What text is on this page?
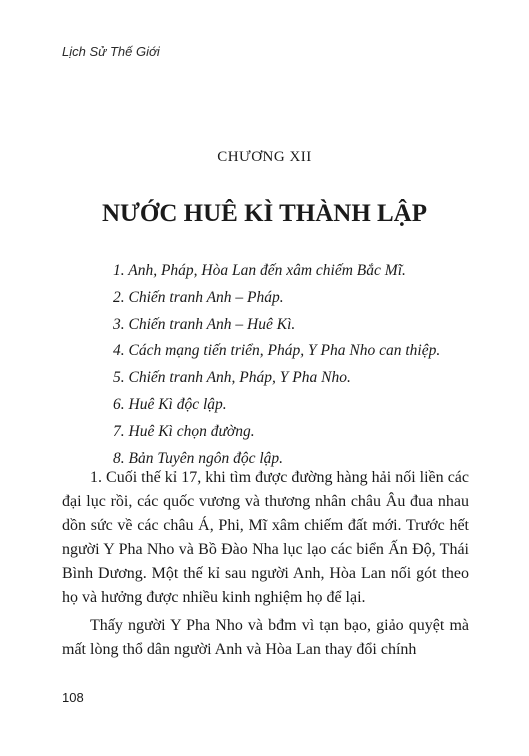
Lịch Sử Thế Giới
CHƯƠNG XII
NƯỚC HUÊ KÌ THÀNH LẬP
1. Anh, Pháp, Hòa Lan đến xâm chiếm Bắc Mĩ.
2. Chiến tranh Anh – Pháp.
3. Chiến tranh Anh – Huê Kì.
4. Cách mạng tiến triển, Pháp, Y Pha Nho can thiệp.
5. Chiến tranh Anh, Pháp, Y Pha Nho.
6. Huê Kì độc lập.
7. Huê Kì chọn đường.
8. Bản Tuyên ngôn độc lập.

1. Cuối thế kỉ 17, khi tìm được đường hàng hải nối liền các đại lục rồi, các quốc vương và thương nhân châu Âu đua nhau dồn sức về các châu Á, Phi, Mĩ xâm chiếm đất mới. Trước hết người Y Pha Nho và Bồ Đào Nha lục lạo các biển Ấn Độ, Thái Bình Dương. Một thế kỉ sau người Anh, Hòa Lan nối gót theo họ và hưởng được nhiều kinh nghiệm họ để lại.

Thấy người Y Pha Nho và bđm vì tạn bạo, giảo quyệt mà mất lòng thổ dân người Anh và Hòa Lan thay đổi chính

108
